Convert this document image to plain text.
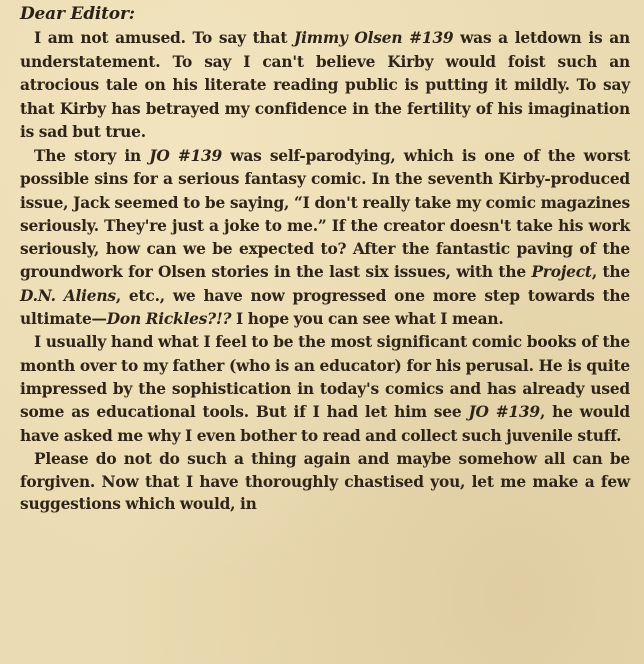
Dear Editor:

I am not amused. To say that Jimmy Olsen #139 was a letdown is an understatement. To say I can't believe Kirby would foist such an atrocious tale on his literate reading public is putting it mildly. To say that Kirby has betrayed my confidence in the fertility of his imagination is sad but true.

The story in JO #139 was self-parodying, which is one of the worst possible sins for a serious fantasy comic. In the seventh Kirby-produced issue, Jack seemed to be saying, “I don't really take my comic magazines seriously. They're just a joke to me.” If the creator doesn't take his work seriously, how can we be expected to? After the fantastic paving of the groundwork for Olsen stories in the last six issues, with the Project, the D.N. Aliens, etc., we have now progressed one more step towards the ultimate—Don Rickles?!? I hope you can see what I mean.

I usually hand what I feel to be the most significant comic books of the month over to my father (who is an educator) for his perusal. He is quite impressed by the sophistication in today's comics and has already used some as educational tools. But if I had let him see JO #139, he would have asked me why I even bother to read and collect such juvenile stuff.

Please do not do such a thing again and maybe somehow all can be forgiven. Now that I have thoroughly chastised you, let me make a few suggestions which would, in
